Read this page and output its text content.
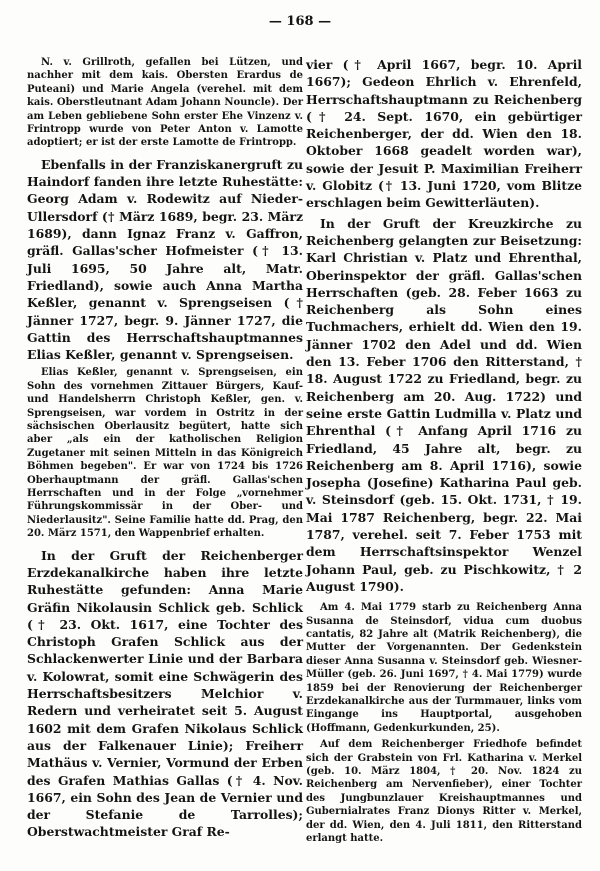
— 168 —

N. v. Grillroth, gefallen bei Lützen, und nachher mit dem kais. Obersten Erardus de Puteani) und Marie Angela (verehel. mit dem kais. Oberstleutnant Adam Johann Nouncle). Der am Leben gebliebene Sohn erster Ehe Vinzenz v. Frintropp wurde von Peter Anton v. Lamotte adoptiert; er ist der erste Lamotte de Frintropp.

Ebenfalls in der Franziskanergruft zu Haindorf fanden ihre letzte Ruhestätte: Georg Adam v. Rodewitz auf Nieder-Ullersdorf († März 1689, begr. 23. März 1689), dann Ignaz Franz v. Gaffron, gräfl. Gallas'scher Hofmeister († 13. Juli 1695, 50 Jahre alt, Matr. Friedland), sowie auch Anna Martha Keßler, genannt v. Sprengseisen († Jänner 1727, begr. 9. Jänner 1727, die Gattin des Herrschaftshauptmannes Elias Keßler, genannt v. Sprengseisen.

Elias Keßler, genannt v. Sprengseisen, ein Sohn des vornehmen Zittauer Bürgers, Kauf- und Handelsherrn Christoph Keßler, gen. v. Sprengseisen, war vordem in Ostritz in der sächsischen Oberlausitz begütert, hatte sich aber „als ein der katholischen Religion Zugetaner mit seinen Mitteln in das Königreich Böhmen begeben". Er war von 1724 bis 1726 Oberhauptmann der gräfl. Gallas'schen Herrschaften und in der Folge „vornehmer Führungskommissär in der Ober- und Niederlausitz". Seine Familie hatte dd. Prag, den 20. März 1571, den Wappenbrief erhalten.

In der Gruft der Reichenberger Erzdekanalkirche haben ihre letzte Ruhestätte gefunden: Anna Marie Gräfin Nikolausin Schlick geb. Schlick († 23. Okt. 1617, eine Tochter des Christoph Grafen Schlick aus der Schlackenwerter Linie und der Barbara v. Kolowrat, somit eine Schwägerin des Herrschaftsbesitzers Melchior v. Redern und verheiratet seit 5. August 1602 mit dem Grafen Nikolaus Schlick aus der Falkenauer Linie); Freiherr Mathäus v. Vernier, Vormund der Erben des Grafen Mathias Gallas († 4. Nov. 1667, ein Sohn des Jean de Vernier und der Stefanie de Tarrolles); Oberstwachtmeister Graf Re-

vier († April 1667, begr. 10. April 1667); Gedeon Ehrlich v. Ehrenfeld, Herrschaftshauptmann zu Reichenberg († 24. Sept. 1670, ein gebürtiger Reichenberger, der dd. Wien den 18. Oktober 1668 geadelt worden war), sowie der Jesuit P. Maximilian Freiherr v. Globitz († 13. Juni 1720, vom Blitze erschlagen beim Gewitterläuten).

In der Gruft der Kreuzkirche zu Reichenberg gelangten zur Beisetzung: Karl Christian v. Platz und Ehrenthal, Oberinspektor der gräfl. Gallas'schen Herrschaften (geb. 28. Feber 1663 zu Reichenberg als Sohn eines Tuchmachers, erhielt dd. Wien den 19. Jänner 1702 den Adel und dd. Wien den 13. Feber 1706 den Ritterstand, † 18. August 1722 zu Friedland, begr. zu Reichenberg am 20. Aug. 1722) und seine erste Gattin Ludmilla v. Platz und Ehrenthal († Anfang April 1716 zu Friedland, 45 Jahre alt, begr. zu Reichenberg am 8. April 1716), sowie Josepha (Josefine) Katharina Paul geb. v. Steinsdorf (geb. 15. Okt. 1731, † 19. Mai 1787 Reichenberg, begr. 22. Mai 1787, verehel. seit 7. Feber 1753 mit dem Herrschaftsinspektor Wenzel Johann Paul, geb. zu Pischkowitz, † 2 August 1790).

Am 4. Mai 1779 starb zu Reichenberg Anna Susanna de Steinsdorf, vidua cum duobus cantatis, 82 Jahre alt (Matrik Reichenberg), die Mutter der Vorgenannten. Der Gedenkstein dieser Anna Susanna v. Steinsdorf geb. Wiesner-Müller (geb. 26. Juni 1697, † 4. Mai 1779) wurde 1859 bei der Renovierung der Reichenberger Erzdekanalkirche aus der Turmmauer, links vom Eingange ins Hauptportal, ausgehoben (Hoffmann, Gedenkurkunden, 25).

Auf dem Reichenberger Friedhofe befindet sich der Grabstein von Frl. Katharina v. Merkel (geb. 10. März 1804, † 20. Nov. 1824 zu Reichenberg am Nervenfieber), einer Tochter des Jungbunzlauer Kreishauptmannes und Gubernialrates Franz Dionys Ritter v. Merkel, der dd. Wien, den 4. Juli 1811, den Ritterstand erlangt hatte.
